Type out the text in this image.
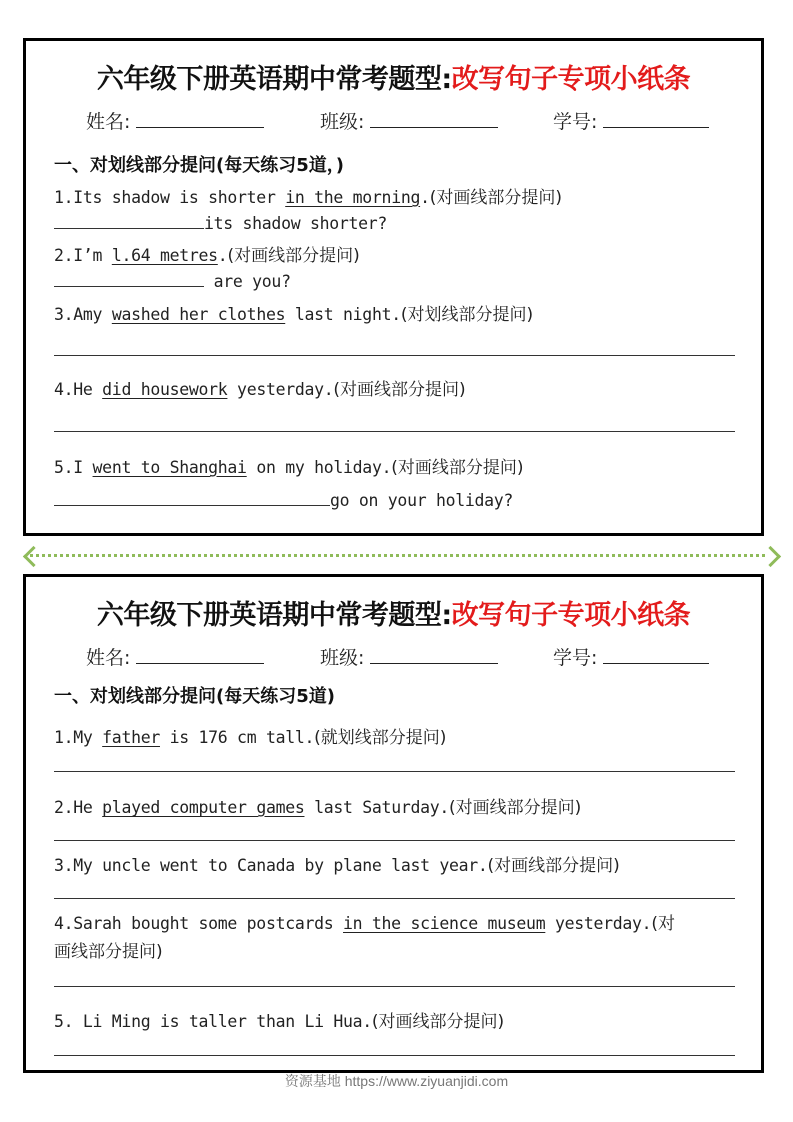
六年级下册英语期中常考题型:改写句子专项小纸条
姓名:	班级:	学号:
一、对划线部分提问(每天练习5道，)
1.Its shadow is shorter in the morning.(对画线部分提问)
its shadow shorter?
2.I’m l.64 metres.(对画线部分提问)
are you?
3.Amy washed her clothes last night.(对划线部分提问)
4.He did housework yesterday.(对画线部分提问)
5.I went to Shanghai on my holiday.(对画线部分提问)
go on your holiday?
六年级下册英语期中常考题型:改写句子专项小纸条
姓名:	班级:	学号:
一、对划线部分提问(每天练习5道)
1.My father is 176 cm tall.(就划线部分提问)
2.He played computer games last Saturday.(对画线部分提问)
3.My uncle went to Canada by plane last year.(对画线部分提问)
4.Sarah bought some postcards in the science museum yesterday.(对
画线部分提问)
5. Li Ming is taller than Li Hua.(对画线部分提问)
资源基地 https://www.ziyuanjidi.com
